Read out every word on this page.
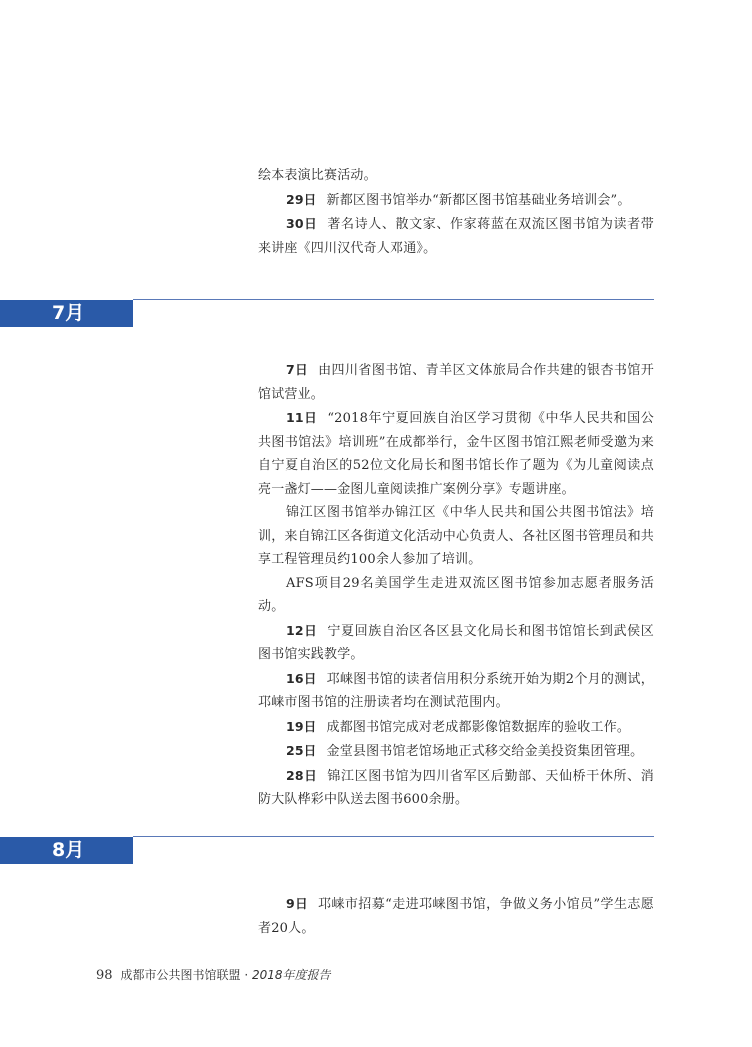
绘本表演比赛活动。

29日 新都区图书馆举办“新都区图书馆基础业务培训会”。

30日 著名诗人、散文家、作家蒋蓝在双流区图书馆为读者带来讲座《四川汉代奇人邓通》。

7月

7日 由四川省图书馆、青羊区文体旅局合作共建的银杏书馆开馆试营业。

11日 “2018年宁夏回族自治区学习贯彻《中华人民共和国公共图书馆法》培训班”在成都举行，金牛区图书馆江熙老师受邀为来自宁夏自治区的52位文化局长和图书馆长作了题为《为儿童阅读点亮一盏灯——金图儿童阅读推广案例分享》专题讲座。

锦江区图书馆举办锦江区《中华人民共和国公共图书馆法》培训，来自锦江区各街道文化活动中心负责人、各社区图书管理员和共享工程管理员约100余人参加了培训。

AFS项目29名美国学生走进双流区图书馆参加志愿者服务活动。

12日 宁夏回族自治区各区县文化局长和图书馆馆长到武侯区图书馆实践教学。

16日 邛崃图书馆的读者信用积分系统开始为期2个月的测试，邛崃市图书馆的注册读者均在测试范围内。

19日 成都图书馆完成对老成都影像馆数据库的验收工作。

25日 金堂县图书馆老馆场地正式移交给金美投资集团管理。

28日 锦江区图书馆为四川省军区后勤部、天仙桥干休所、消防大队桦彩中队送去图书600余册。

8月

9日 邛崃市招募“走进邛崃图书馆，争做义务小馆员”学生志愿者20人。

98 成都市公共图书馆联盟 · 2018年度报告
